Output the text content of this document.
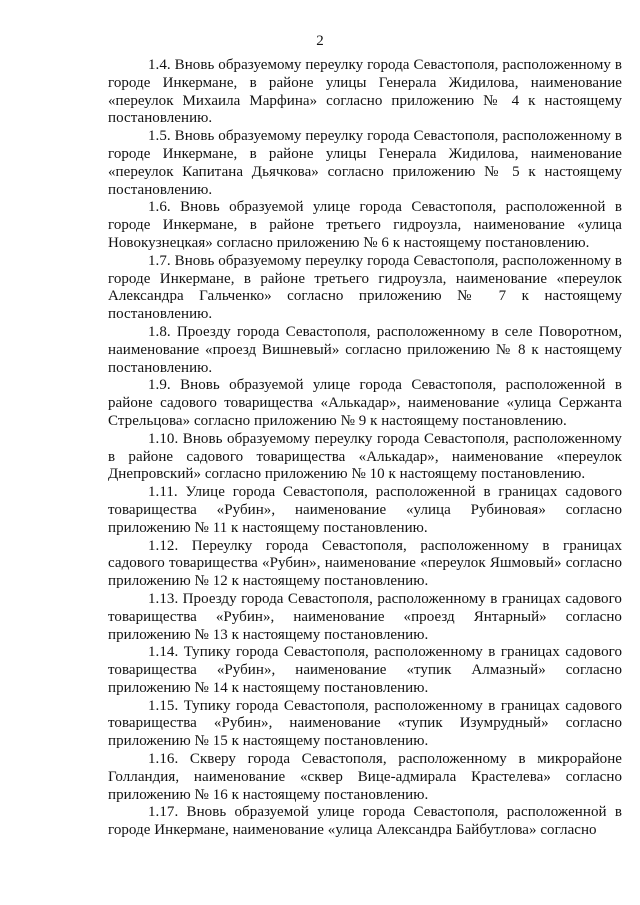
2

1.4. Вновь образуемому переулку города Севастополя, расположенному в городе Инкермане, в районе улицы Генерала Жидилова, наименование «переулок Михаила Марфина» согласно приложению № 4 к настоящему постановлению.

1.5. Вновь образуемому переулку города Севастополя, расположенному в городе Инкермане, в районе улицы Генерала Жидилова, наименование «переулок Капитана Дьячкова» согласно приложению № 5 к настоящему постановлению.

1.6. Вновь образуемой улице города Севастополя, расположенной в городе Инкермане, в районе третьего гидроузла, наименование «улица Новокузнецкая» согласно приложению № 6 к настоящему постановлению.

1.7. Вновь образуемому переулку города Севастополя, расположенному в городе Инкермане, в районе третьего гидроузла, наименование «переулок Александра Гальченко» согласно приложению № 7 к настоящему постановлению.

1.8. Проезду города Севастополя, расположенному в селе Поворотном, наименование «проезд Вишневый» согласно приложению № 8 к настоящему постановлению.

1.9. Вновь образуемой улице города Севастополя, расположенной в районе садового товарищества «Алькадар», наименование «улица Сержанта Стрельцова» согласно приложению № 9 к настоящему постановлению.

1.10. Вновь образуемому переулку города Севастополя, расположенному в районе садового товарищества «Алькадар», наименование «переулок Днепровский» согласно приложению № 10 к настоящему постановлению.

1.11. Улице города Севастополя, расположенной в границах садового товарищества «Рубин», наименование «улица Рубиновая» согласно приложению № 11 к настоящему постановлению.

1.12. Переулку города Севастополя, расположенному в границах садового товарищества «Рубин», наименование «переулок Яшмовый» согласно приложению № 12 к настоящему постановлению.

1.13. Проезду города Севастополя, расположенному в границах садового товарищества «Рубин», наименование «проезд Янтарный» согласно приложению № 13 к настоящему постановлению.

1.14. Тупику города Севастополя, расположенному в границах садового товарищества «Рубин», наименование «тупик Алмазный» согласно приложению № 14 к настоящему постановлению.

1.15. Тупику города Севастополя, расположенному в границах садового товарищества «Рубин», наименование «тупик Изумрудный» согласно приложению № 15 к настоящему постановлению.

1.16. Скверу города Севастополя, расположенному в микрорайоне Голландия, наименование «сквер Вице-адмирала Крастелева» согласно приложению № 16 к настоящему постановлению.

1.17. Вновь образуемой улице города Севастополя, расположенной в городе Инкермане, наименование «улица Александра Байбутлова» согласно
